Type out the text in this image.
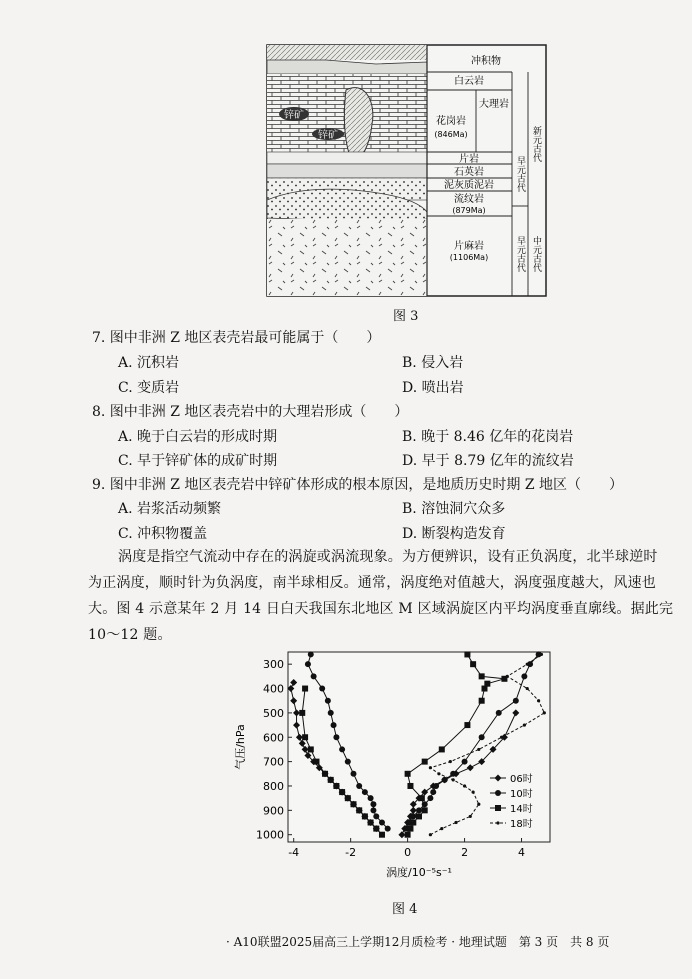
锌矿
锌矿
冲积物
白云岩
大理岩
花岗岩
(846Ma)
片岩
石英岩
泥灰质泥岩
流纹岩
(879Ma)
片麻岩
(1106Ma)
早元古代
新元古代
早元古代 中元古代
图 3
7. 图中非洲 Z 地区表壳岩最可能属于（　　）
A. 沉积岩	B. 侵入岩
C. 变质岩	D. 喷出岩
8. 图中非洲 Z 地区表壳岩中的大理岩形成（　　）
A. 晚于白云岩的形成时期	B. 晚于 8.46 亿年的花岗岩
C. 早于锌矿体的成矿时期	D. 早于 8.79 亿年的流纹岩
9. 图中非洲 Z 地区表壳岩中锌矿体形成的根本原因，是地质历史时期 Z 地区（　　）
A. 岩浆活动频繁	B. 溶蚀洞穴众多
C. 冲积物覆盖	D. 断裂构造发育
涡度是指空气流动中存在的涡旋或涡流现象。为方便辨识，设有正负涡度，北半球逆时
为正涡度，顺时针为负涡度，南半球相反。通常，涡度绝对值越大，涡度强度越大，风速也
大。图 4 示意某年 2 月 14 日白天我国东北地区 M 区域涡旋区内平均涡度垂直廓线。据此完
10～12 题。
-4	-2	0	2	4
300
400
500
600
700
800
900
1000
06时
10时
14时
18时
气压/hPa
涡度/10⁻⁵s⁻¹
图 4
· A10联盟2025届高三上学期12月质检考 · 地理试题　第 3 页　共 8 页
